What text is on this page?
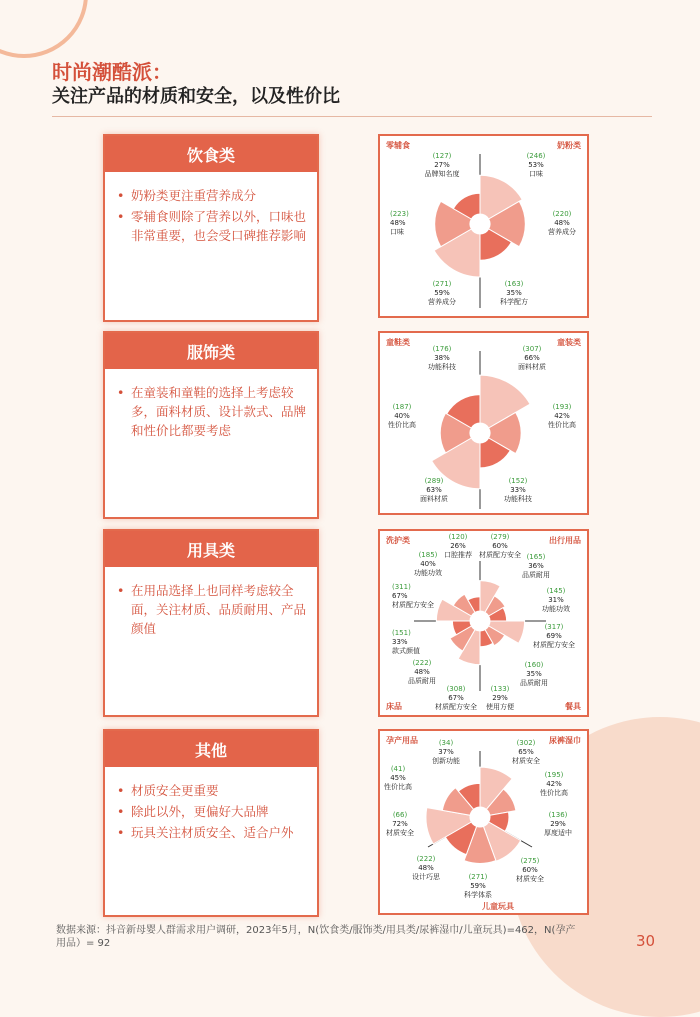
时尚潮酷派：
关注产品的材质和安全，以及性价比
饮食类
• 奶粉类更注重营养成分
• 零辅食则除了营养以外，口味也非常重要，也会受口碑推荐影响
服饰类
• 在童装和童鞋的选择上考虑较多，面料材质、设计款式、品牌和性价比都要考虑
用具类
• 在用品选择上也同样考虑较全面，关注材质、品质耐用、产品颜值
其他
• 材质安全更重要
• 除此以外，更偏好大品牌
• 玩具关注材质安全、适合户外
零辅食	奶粉类
(127)
27%
品牌知名度
(223)
48%
口味
(271)
59%
营养成分
(246)
53%
口味
(220)
48%
营养成分
(163)
35%
科学配方
童鞋类	童装类
(176)
38%
功能科技
(187)
40%
性价比高
(289)
63%
面料材质
(307)
66%
面料材质
(193)
42%
性价比高
(152)
33%
功能科技
洗护类	出行用品
床品	餐具
(120)
26%
口腔推荐
(185)
40%
功能功效
(311)
67%
材质配方安全
(279)
60%
材质配方安全 (165)
36%
品质耐用
(145)
31%
功能功效
(151)
33%
款式颜值
(222)
48%
品质耐用
(308)
67%
材质配方安全
(317)
69%
材质配方安全
(160)
35%
品质耐用
(133)
29%
使用方便
孕产用品	尿裤湿巾
儿童玩具
(34)
37%
创新功能
(41)
45%
性价比高
(66)
72%
材质安全
(302)
65%
材质安全
(195)
42%
性价比高
(136)
29%
厚度适中
(275)
60%
材质安全
(271)
59%
科学体系
(222)
48%
设计巧思
数据来源：抖音新母婴人群需求用户调研，2023年5月，N(饮食类/服饰类/用具类/尿裤湿巾/儿童玩具)=462，N(孕产用品）= 92	30
